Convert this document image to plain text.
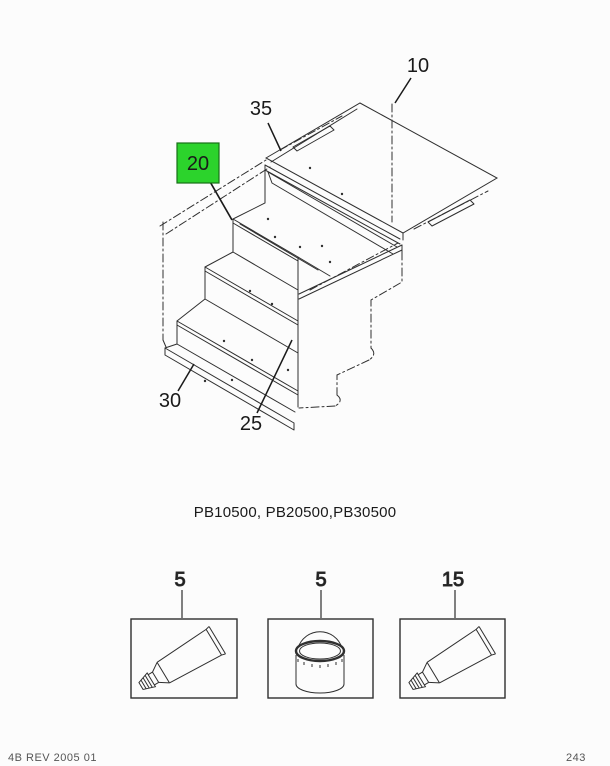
10
35
20
25
30
PB10500, PB20500,PB30500
5	5	15
4B REV 2005 01	243
